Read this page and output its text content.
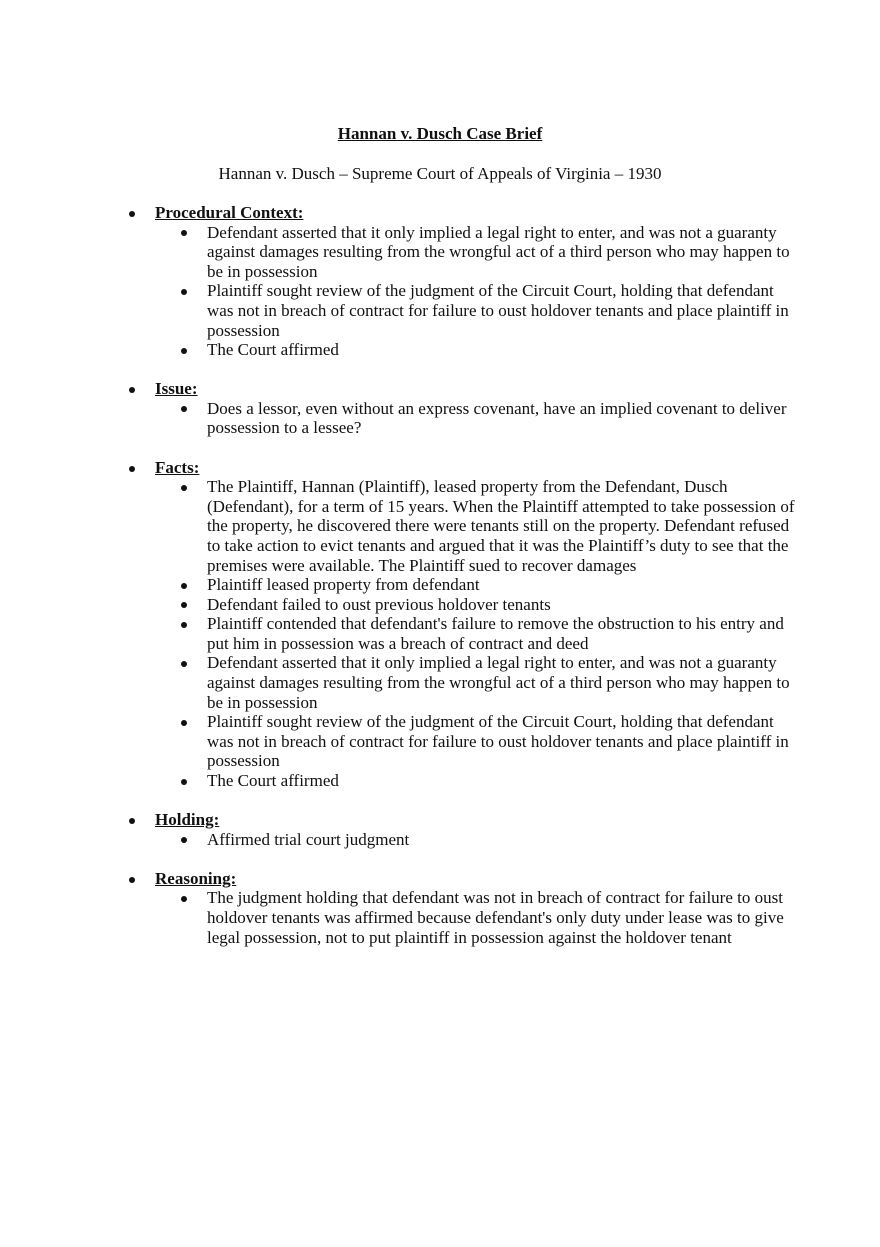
Hannan v. Dusch Case Brief
Hannan v. Dusch – Supreme Court of Appeals of Virginia – 1930
Procedural Context:
Defendant asserted that it only implied a legal right to enter, and was not a guaranty against damages resulting from the wrongful act of a third person who may happen to be in possession
Plaintiff sought review of the judgment of the Circuit Court, holding that defendant was not in breach of contract for failure to oust holdover tenants and place plaintiff in possession
The Court affirmed
Issue:
Does a lessor, even without an express covenant, have an implied covenant to deliver possession to a lessee?
Facts:
The Plaintiff, Hannan (Plaintiff), leased property from the Defendant, Dusch (Defendant), for a term of 15 years. When the Plaintiff attempted to take possession of the property, he discovered there were tenants still on the property. Defendant refused to take action to evict tenants and argued that it was the Plaintiff’s duty to see that the premises were available. The Plaintiff sued to recover damages
Plaintiff leased property from defendant
Defendant failed to oust previous holdover tenants
Plaintiff contended that defendant's failure to remove the obstruction to his entry and put him in possession was a breach of contract and deed
Defendant asserted that it only implied a legal right to enter, and was not a guaranty against damages resulting from the wrongful act of a third person who may happen to be in possession
Plaintiff sought review of the judgment of the Circuit Court, holding that defendant was not in breach of contract for failure to oust holdover tenants and place plaintiff in possession
The Court affirmed
Holding:
Affirmed trial court judgment
Reasoning:
The judgment holding that defendant was not in breach of contract for failure to oust holdover tenants was affirmed because defendant's only duty under lease was to give legal possession, not to put plaintiff in possession against the holdover tenant
